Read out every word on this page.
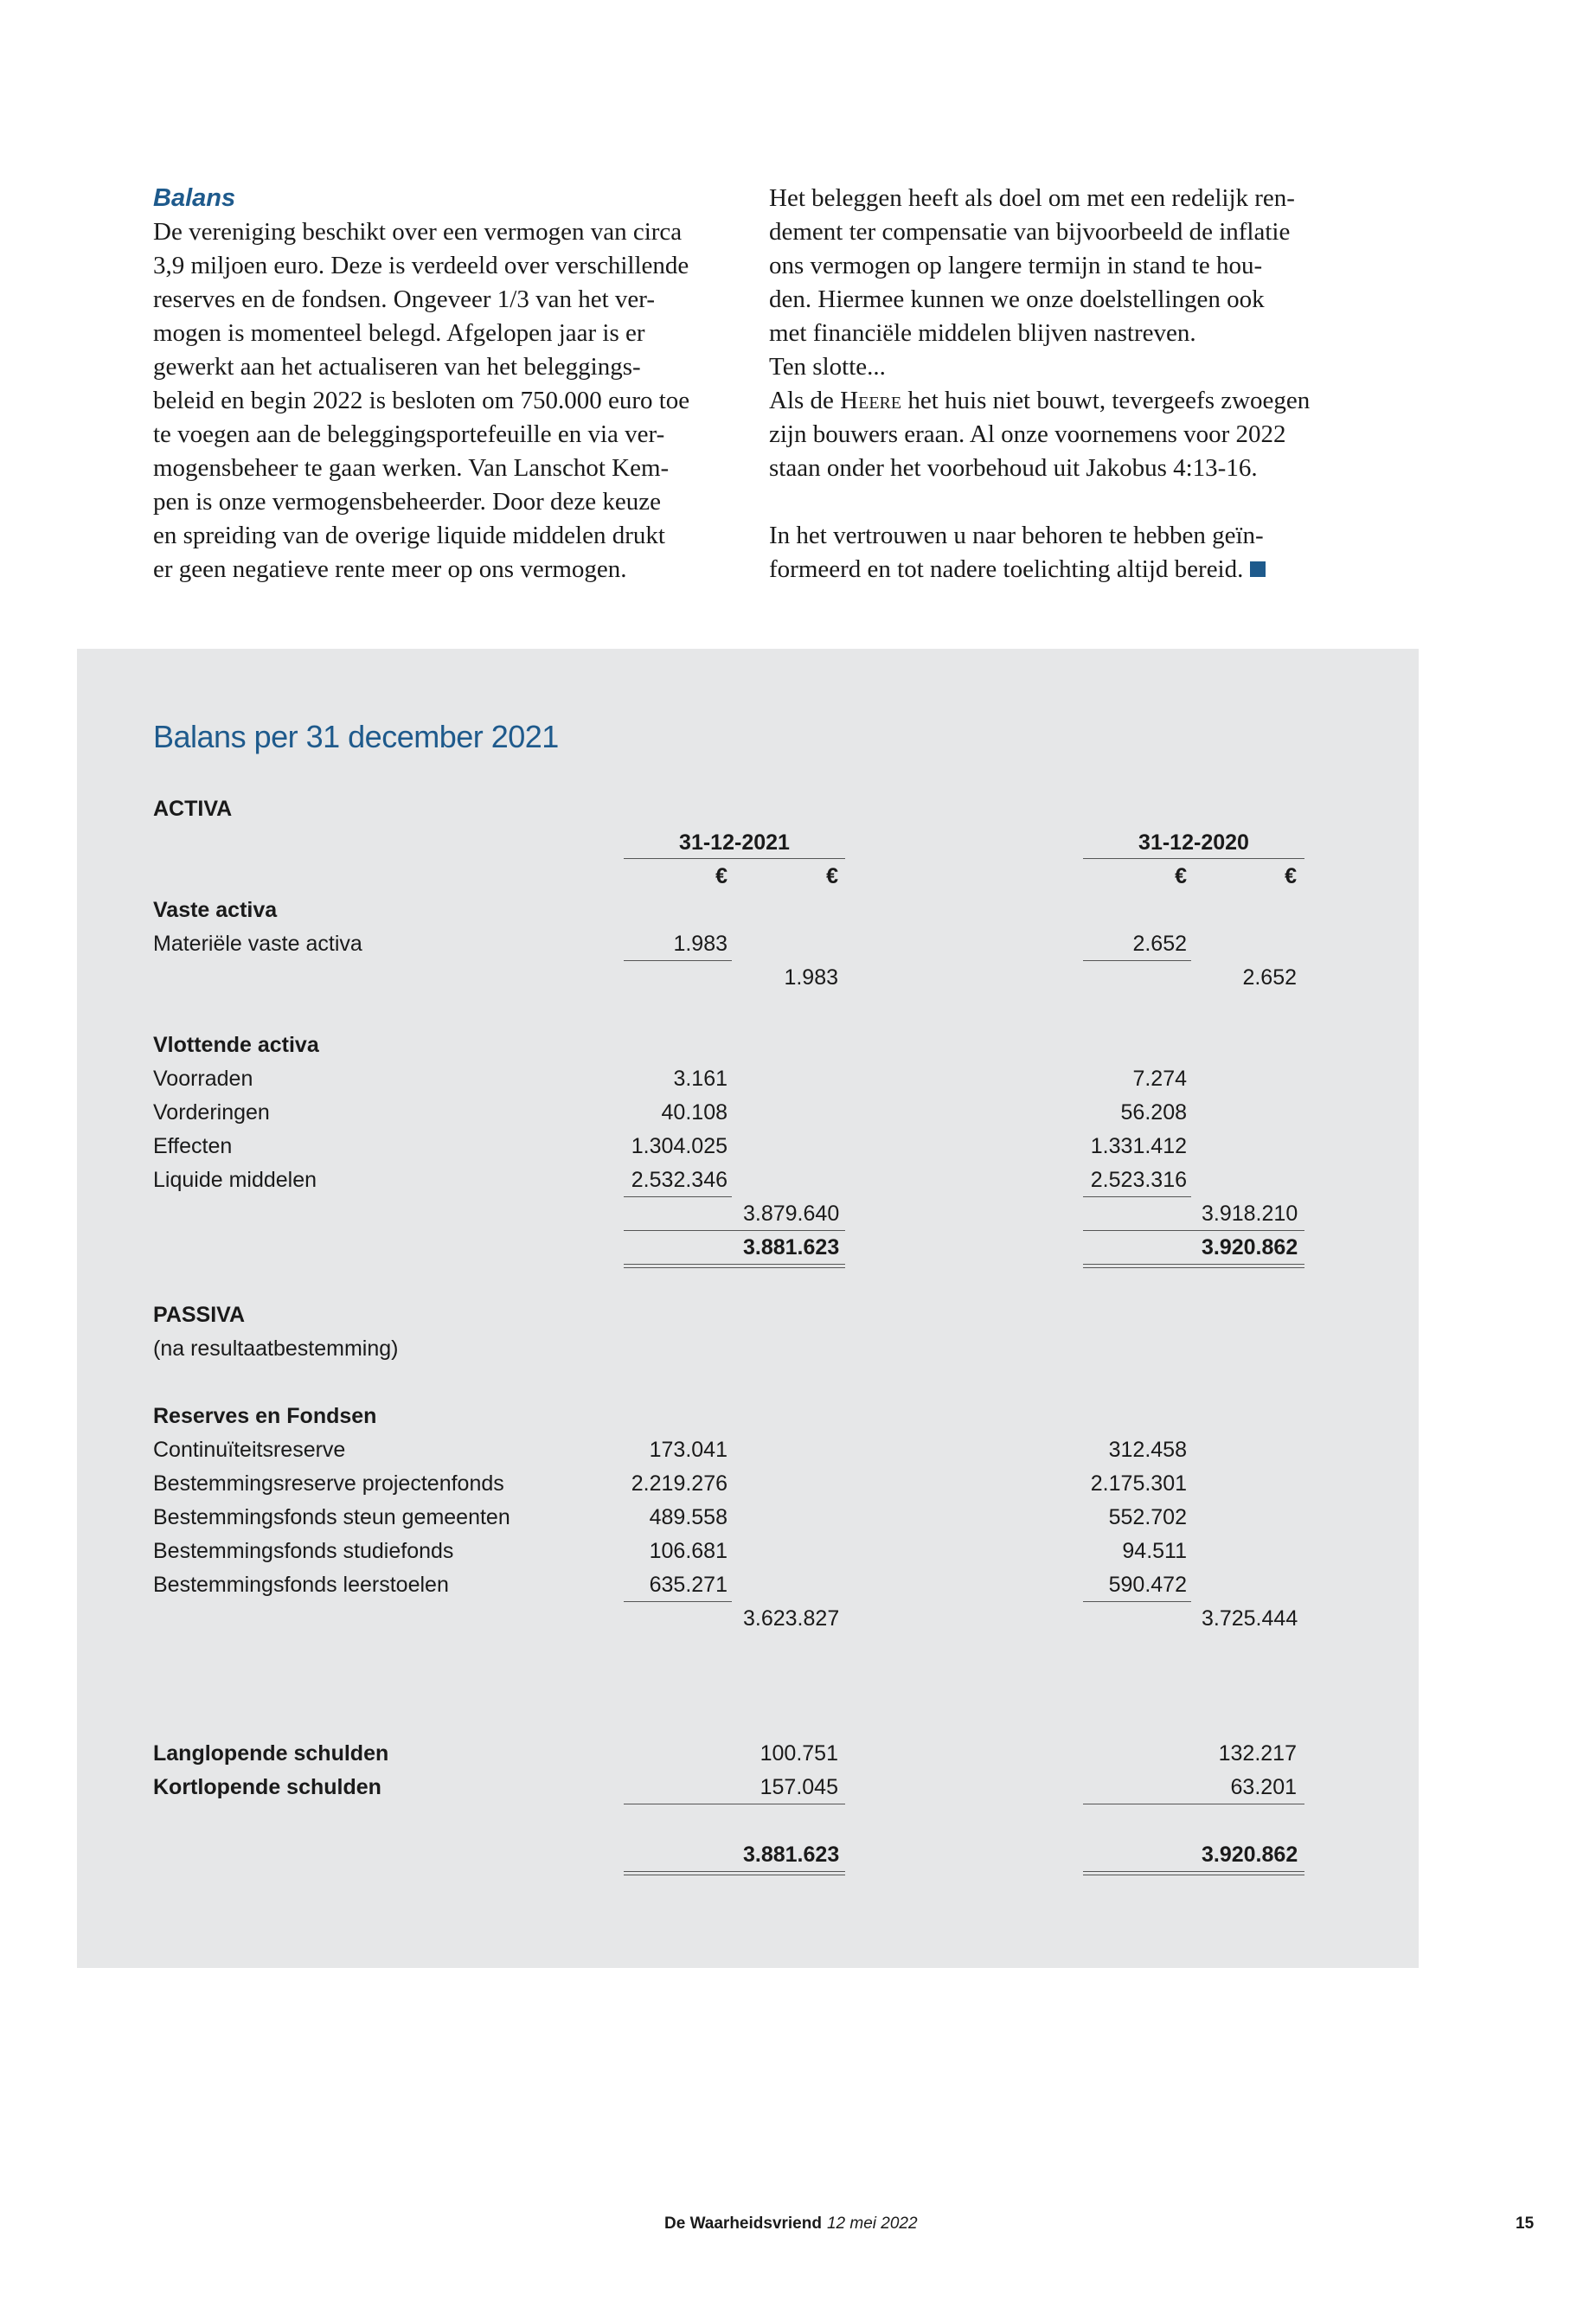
Balans
De vereniging beschikt over een vermogen van circa
3,9 miljoen euro. Deze is verdeeld over verschillende
reserves en de fondsen. Ongeveer 1/3 van het ver-
mogen is momenteel belegd. Afgelopen jaar is er
gewerkt aan het actualiseren van het beleggings-
beleid en begin 2022 is besloten om 750.000 euro toe
te voegen aan de beleggingsportefeuille en via ver-
mogensbeheer te gaan werken. Van Lanschot Kem-
pen is onze vermogensbeheerder. Door deze keuze
en spreiding van de overige liquide middelen drukt
er geen negatieve rente meer op ons vermogen.
Het beleggen heeft als doel om met een redelijk ren-
dement ter compensatie van bijvoorbeeld de inflatie
ons vermogen op langere termijn in stand te hou-
den. Hiermee kunnen we onze doelstellingen ook
met financiële middelen blijven nastreven.
Ten slotte...
Als de Heere het huis niet bouwt, tevergeefs zwoegen
zijn bouwers eraan. Al onze voornemens voor 2022
staan onder het voorbehoud uit Jakobus 4:13-16.
In het vertrouwen u naar behoren te hebben geïn-
formeerd en tot nadere toelichting altijd bereid.
Balans per 31 december 2021
ACTIVA
31-12-2021	31-12-2020
€	€	€	€
Vaste activa
Materiële vaste activa	1.983	2.652
1.983	2.652
Vlottende activa
Voorraden	3.161	7.274
Vorderingen	40.108	56.208
Effecten	1.304.025	1.331.412
Liquide middelen	2.532.346	2.523.316
3.879.640	3.918.210
3.881.623	3.920.862
PASSIVA
(na resultaatbestemming)
Reserves en Fondsen
Continuïteitsreserve	173.041	312.458
Bestemmingsreserve projectenfonds	2.219.276	2.175.301
Bestemmingsfonds steun gemeenten	489.558	552.702
Bestemmingsfonds studiefonds	106.681	94.511
Bestemmingsfonds leerstoelen	635.271	590.472
3.623.827	3.725.444
Langlopende schulden	100.751	132.217
Kortlopende schulden	157.045	63.201
3.881.623	3.920.862
De Waarheidsvriend 12 mei 2022	15
